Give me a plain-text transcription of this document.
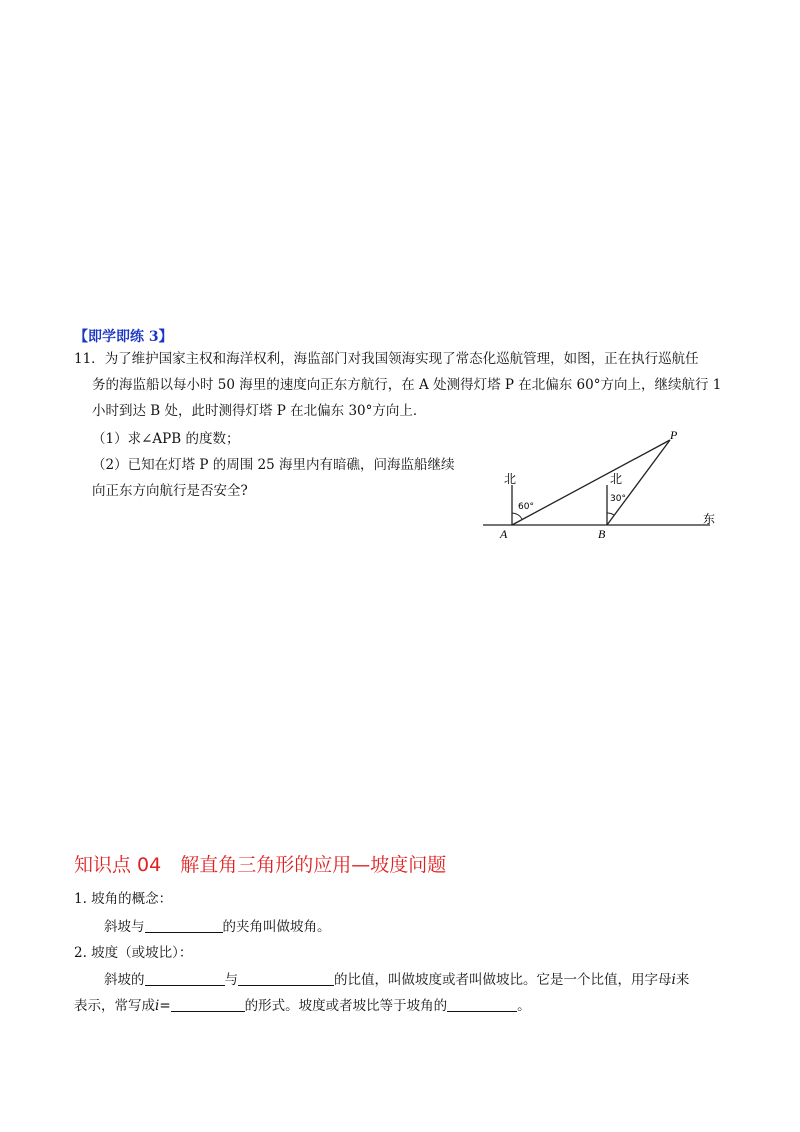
【即学即练 3】
11．为了维护国家主权和海洋权利，海监部门对我国领海实现了常态化巡航管理，如图，正在执行巡航任
务的海监船以每小时 50 海里的速度向正东方航行，在 A 处测得灯塔 P 在北偏东 60°方向上，继续航行 1
小时到达 B 处，此时测得灯塔 P 在北偏东 30°方向上．
（1）求∠APB 的度数；
（2）已知在灯塔 P 的周围 25 海里内有暗礁，问海监船继续
向正东方向航行是否安全?
P
A	B
北	北
东
60°
30°
知识点 04　解直角三角形的应用—坡度问题
1. 坡角的概念：
斜坡与	的夹角叫做坡角。
2. 坡度（或坡比）：
斜坡的	与	的比值，叫做坡度或者叫做坡比。它是一个比值，用字母i来
表示，常写成i=	的形式。坡度或者坡比等于坡角的	。
